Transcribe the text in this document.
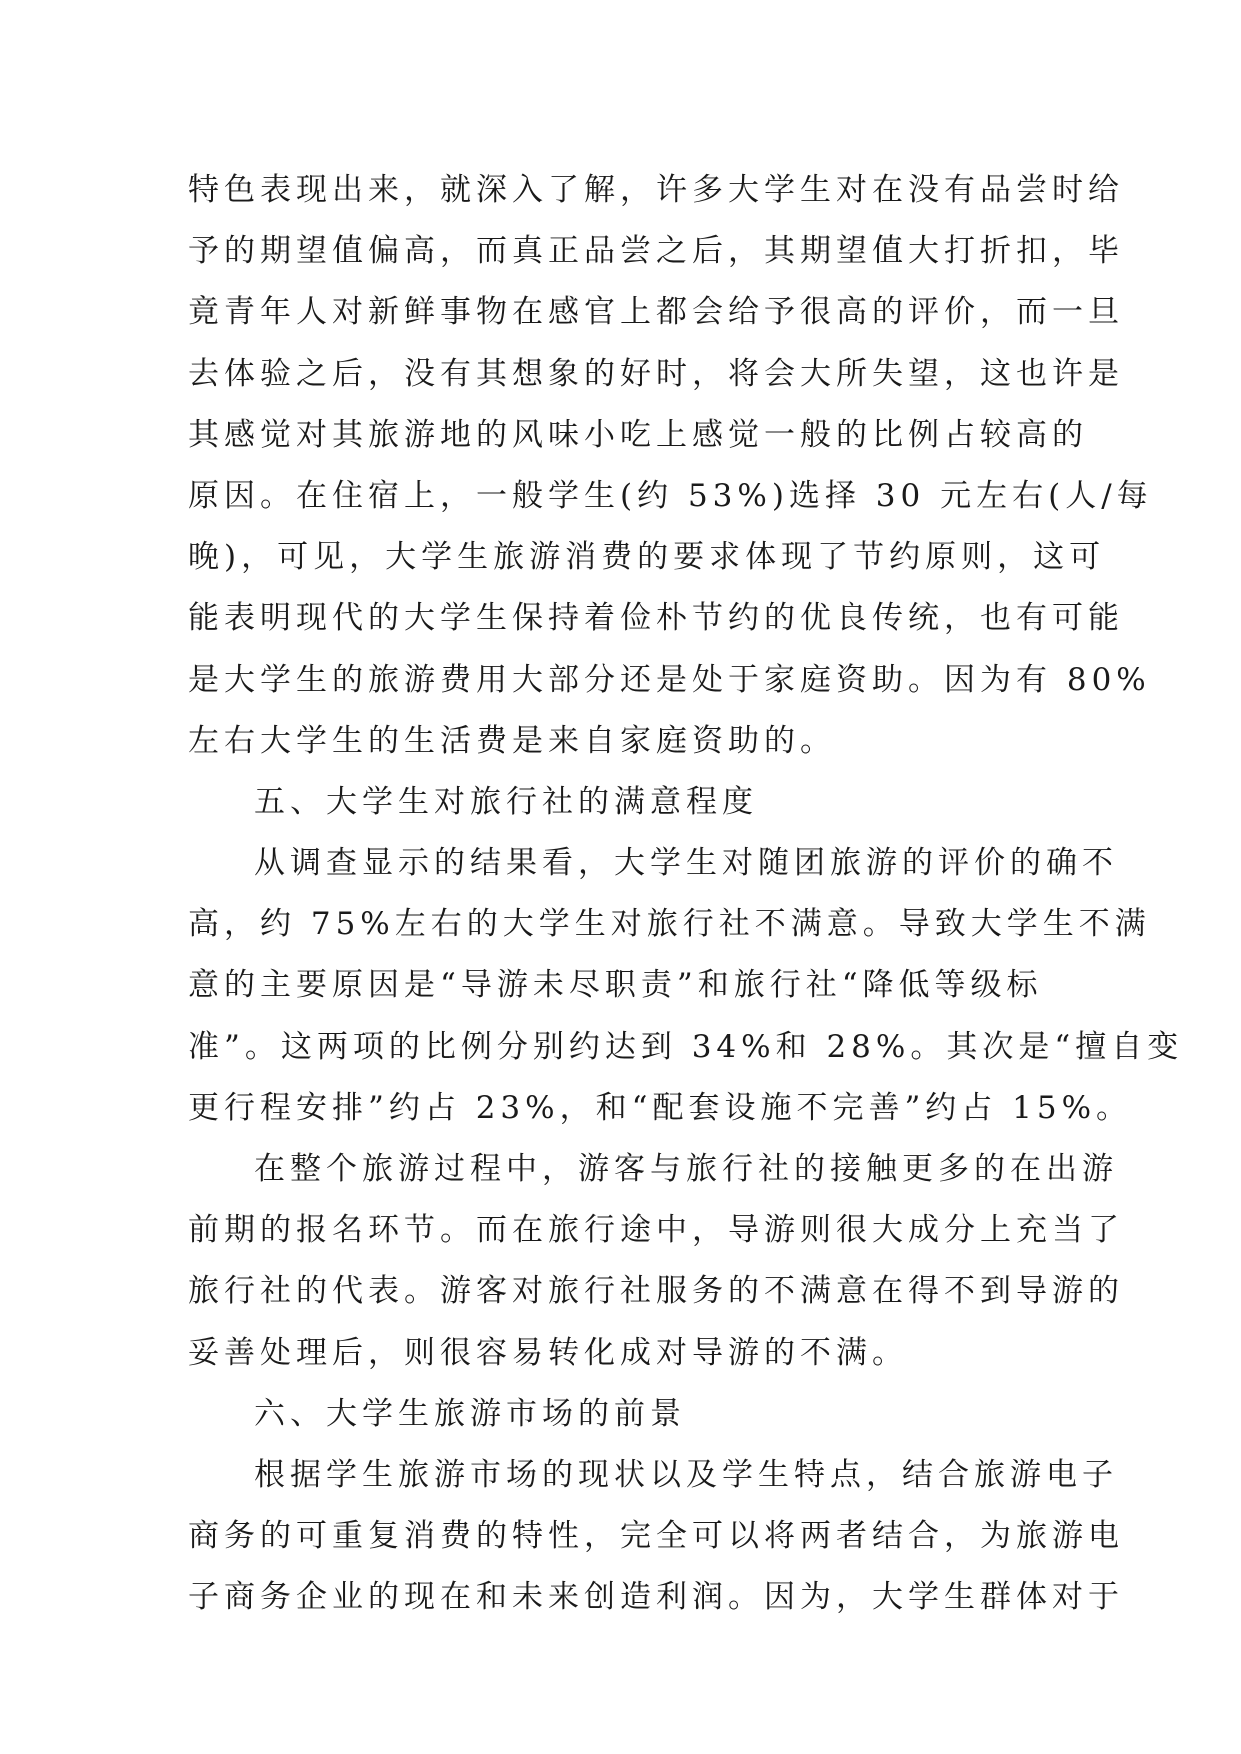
特色表现出来，就深入了解，许多大学生对在没有品尝时给
予的期望值偏高，而真正品尝之后，其期望值大打折扣，毕
竟青年人对新鲜事物在感官上都会给予很高的评价，而一旦
去体验之后，没有其想象的好时，将会大所失望，这也许是
其感觉对其旅游地的风味小吃上感觉一般的比例占较高的
原因。在住宿上，一般学生(约 53%)选择 30 元左右(人/每
晚)，可见，大学生旅游消费的要求体现了节约原则，这可
能表明现代的大学生保持着俭朴节约的优良传统，也有可能
是大学生的旅游费用大部分还是处于家庭资助。因为有 80%
左右大学生的生活费是来自家庭资助的。
五、大学生对旅行社的满意程度
从调查显示的结果看，大学生对随团旅游的评价的确不
高，约 75%左右的大学生对旅行社不满意。导致大学生不满
意的主要原因是“导游未尽职责”和旅行社“降低等级标
准”。这两项的比例分别约达到 34%和 28%。其次是“擅自变
更行程安排”约占 23%，和“配套设施不完善”约占 15%。
在整个旅游过程中，游客与旅行社的接触更多的在出游
前期的报名环节。而在旅行途中，导游则很大成分上充当了
旅行社的代表。游客对旅行社服务的不满意在得不到导游的
妥善处理后，则很容易转化成对导游的不满。
六、大学生旅游市场的前景
根据学生旅游市场的现状以及学生特点，结合旅游电子
商务的可重复消费的特性，完全可以将两者结合，为旅游电
子商务企业的现在和未来创造利润。因为，大学生群体对于
